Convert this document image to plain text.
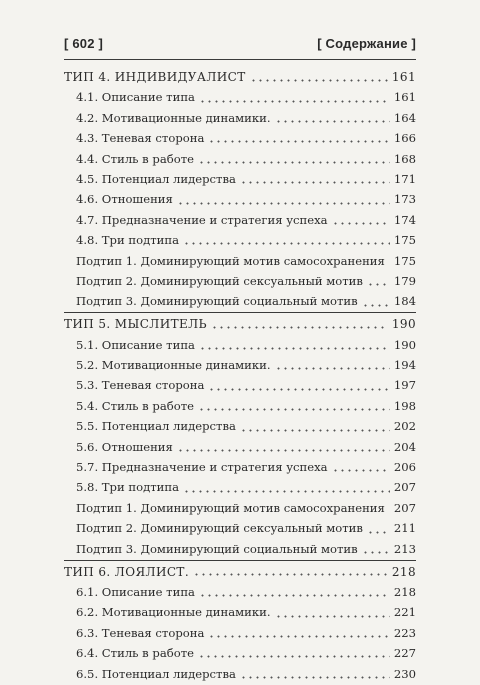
[ 602 ]	[ Содержание ]
ТИП 4. ИНДИВИДУАЛИСТ	161
4.1. Описание типа	161
4.2. Мотивационные динамики.	164
4.3. Теневая сторона	166
4.4. Стиль в работе	168
4.5. Потенциал лидерства	171
4.6. Отношения	173
4.7. Предназначение и стратегия успеха	174
4.8. Три подтипа	175
Подтип 1. Доминирующий мотив самосохранения 175
Подтип 2. Доминирующий сексуальный мотив	179
Подтип 3. Доминирующий социальный мотив	184
ТИП 5. МЫСЛИТЕЛЬ	190
5.1. Описание типа	190
5.2. Мотивационные динамики.	194
5.3. Теневая сторона	197
5.4. Стиль в работе	198
5.5. Потенциал лидерства	202
5.6. Отношения	204
5.7. Предназначение и стратегия успеха	206
5.8. Три подтипа	207
Подтип 1. Доминирующий мотив самосохранения 207
Подтип 2. Доминирующий сексуальный мотив	211
Подтип 3. Доминирующий социальный мотив	213
ТИП 6. ЛОЯЛИСТ.	218
6.1. Описание типа	218
6.2. Мотивационные динамики.	221
6.3. Теневая сторона	223
6.4. Стиль в работе	227
6.5. Потенциал лидерства	230
